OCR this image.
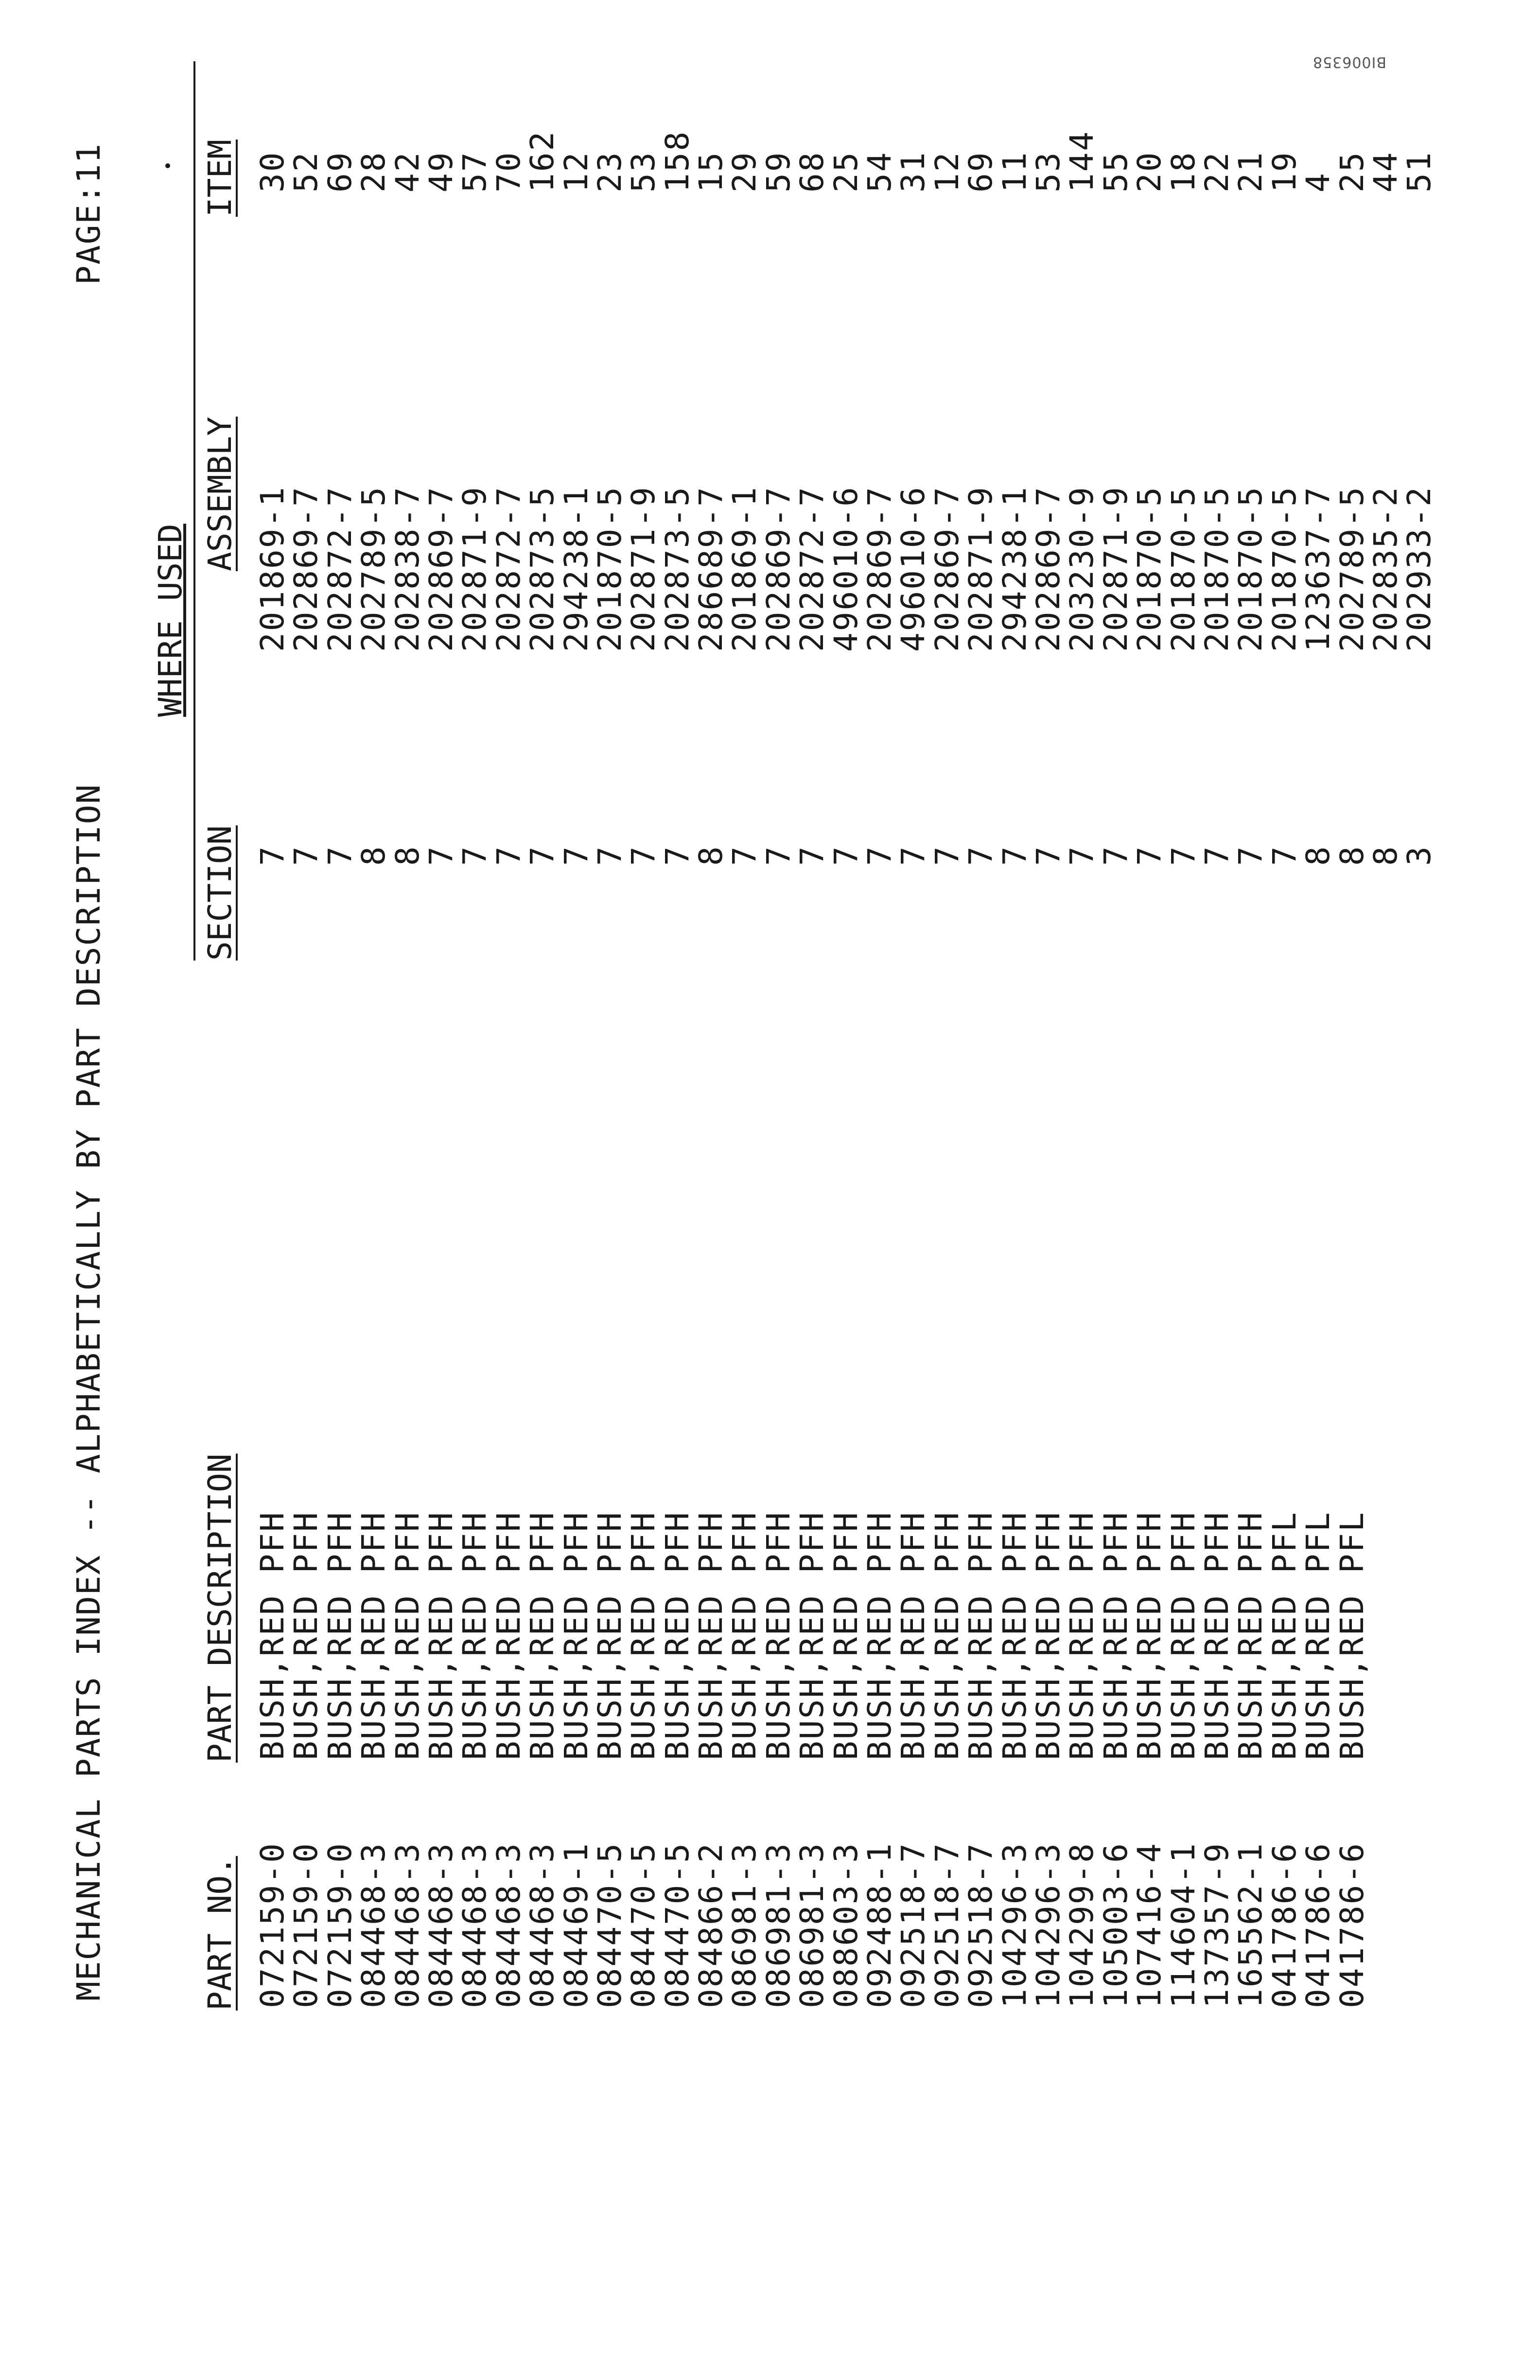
BI006358
MECHANICAL PARTS INDEX -- ALPHABETICALLY BY PART DESCRIPTION
PAGE:11
WHERE USED
PART NO.
PART DESCRIPTION
SECTION
ASSEMBLY
ITEM
072159-0
BUSH,RED PFH
7
201869-1
30
072159-0
BUSH,RED PFH
7
202869-7
52
072159-0
BUSH,RED PFH
7
202872-7
69
084468-3
BUSH,RED PFH
8
202789-5
28
084468-3
BUSH,RED PFH
8
202838-7
42
084468-3
BUSH,RED PFH
7
202869-7
49
084468-3
BUSH,RED PFH
7
202871-9
57
084468-3
BUSH,RED PFH
7
202872-7
70
084468-3
BUSH,RED PFH
7
202873-5
162
084469-1
BUSH,RED PFH
7
294238-1
12
084470-5
BUSH,RED PFH
7
201870-5
23
084470-5
BUSH,RED PFH
7
202871-9
53
084470-5
BUSH,RED PFH
7
202873-5
158
084866-2
BUSH,RED PFH
8
286689-7
15
086981-3
BUSH,RED PFH
7
201869-1
29
086981-3
BUSH,RED PFH
7
202869-7
59
086981-3
BUSH,RED PFH
7
202872-7
68
088603-3
BUSH,RED PFH
7
496010-6
25
092488-1
BUSH,RED PFH
7
202869-7
54
092518-7
BUSH,RED PFH
7
496010-6
31
092518-7
BUSH,RED PFH
7
202869-7
12
092518-7
BUSH,RED PFH
7
202871-9
69
104296-3
BUSH,RED PFH
7
294238-1
11
104296-3
BUSH,RED PFH
7
202869-7
53
104299-8
BUSH,RED PFH
7
203230-9
144
105003-6
BUSH,RED PFH
7
202871-9
55
107416-4
BUSH,RED PFH
7
201870-5
20
114604-1
BUSH,RED PFH
7
201870-5
18
137357-9
BUSH,RED PFH
7
201870-5
22
165562-1
BUSH,RED PFH
7
201870-5
21
041786-6
BUSH,RED PFL
7
201870-5
19
041786-6
BUSH,RED PFL
8
123637-7
4
041786-6
BUSH,RED PFL
8
202789-5
25
8
202835-2
44
3
202933-2
51
